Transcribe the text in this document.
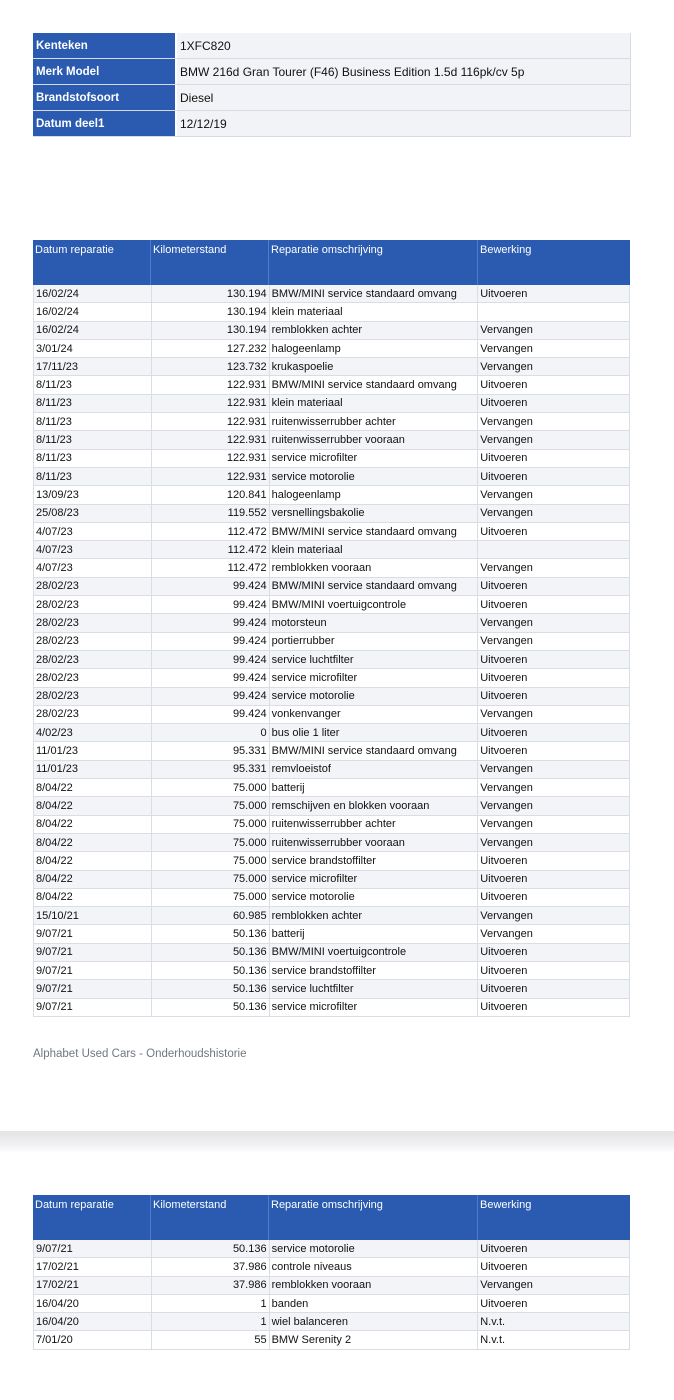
Kenteken	1XFC820
Merk Model	BMW 216d Gran Tourer (F46) Business Edition 1.5d 116pk/cv 5p
Brandstofsoort	Diesel
Datum deel1	12/12/19
Datum reparatie	Kilometerstand	Reparatie omschrijving	Bewerking
16/02/24	130.194 BMW/MINI service standaard omvang	Uitvoeren
16/02/24	130.194 klein materiaal
16/02/24	130.194 remblokken achter	Vervangen
3/01/24	127.232 halogeenlamp	Vervangen
17/11/23	123.732 krukaspoelie	Vervangen
8/11/23	122.931 BMW/MINI service standaard omvang	Uitvoeren
8/11/23	122.931 klein materiaal	Uitvoeren
8/11/23	122.931 ruitenwisserrubber achter	Vervangen
8/11/23	122.931 ruitenwisserrubber vooraan	Vervangen
8/11/23	122.931 service microfilter	Uitvoeren
8/11/23	122.931 service motorolie	Uitvoeren
13/09/23	120.841 halogeenlamp	Vervangen
25/08/23	119.552 versnellingsbakolie	Vervangen
4/07/23	112.472 BMW/MINI service standaard omvang	Uitvoeren
4/07/23	112.472 klein materiaal
4/07/23	112.472 remblokken vooraan	Vervangen
28/02/23	99.424 BMW/MINI service standaard omvang	Uitvoeren
28/02/23	99.424 BMW/MINI voertuigcontrole	Uitvoeren
28/02/23	99.424 motorsteun	Vervangen
28/02/23	99.424 portierrubber	Vervangen
28/02/23	99.424 service luchtfilter	Uitvoeren
28/02/23	99.424 service microfilter	Uitvoeren
28/02/23	99.424 service motorolie	Uitvoeren
28/02/23	99.424 vonkenvanger	Vervangen
4/02/23	0 bus olie 1 liter	Uitvoeren
11/01/23	95.331 BMW/MINI service standaard omvang	Uitvoeren
11/01/23	95.331 remvloeistof	Vervangen
8/04/22	75.000 batterij	Vervangen
8/04/22	75.000 remschijven en blokken vooraan	Vervangen
8/04/22	75.000 ruitenwisserrubber achter	Vervangen
8/04/22	75.000 ruitenwisserrubber vooraan	Vervangen
8/04/22	75.000 service brandstoffilter	Uitvoeren
8/04/22	75.000 service microfilter	Uitvoeren
8/04/22	75.000 service motorolie	Uitvoeren
15/10/21	60.985 remblokken achter	Vervangen
9/07/21	50.136 batterij	Vervangen
9/07/21	50.136 BMW/MINI voertuigcontrole	Uitvoeren
9/07/21	50.136 service brandstoffilter	Uitvoeren
9/07/21	50.136 service luchtfilter	Uitvoeren
9/07/21	50.136 service microfilter	Uitvoeren
Alphabet Used Cars - Onderhoudshistorie
Datum reparatie	Kilometerstand	Reparatie omschrijving	Bewerking
9/07/21	50.136 service motorolie	Uitvoeren
17/02/21	37.986 controle niveaus	Uitvoeren
17/02/21	37.986 remblokken vooraan	Vervangen
16/04/20	1 banden	Uitvoeren
16/04/20	1 wiel balanceren	N.v.t.
7/01/20	55 BMW Serenity 2	N.v.t.
